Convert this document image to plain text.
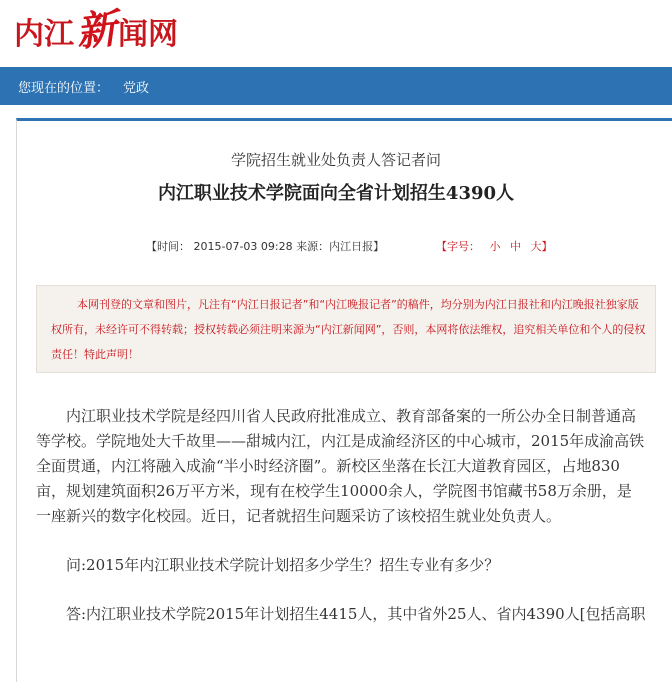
内江 新 闻网
您现在的位置： 党政
学院招生就业处负责人答记者问
内江职业技术学院面向全省计划招生4390人
【时间： 2015-07-03 09:28 来源：内江日报】	【字号： 小 中 大】
本网刊登的文章和图片，凡注有“内江日报记者”和“内江晚报记者”的稿件，均分别为内江日报社和内江晚报社独家版权所有，未经许可不得转载；授权转载必须注明来源为“内江新闻网”，否则，本网将依法维权，追究相关单位和个人的侵权责任！特此声明！

内江职业技术学院是经四川省人民政府批准成立、教育部备案的一所公办全日制普通高等学校。学院地处大千故里——甜城内江，内江是成渝经济区的中心城市，2015年成渝高铁全面贯通，内江将融入成渝“半小时经济圈”。新校区坐落在长江大道教育园区，占地830亩，规划建筑面积26万平方米，现有在校学生10000余人，学院图书馆藏书58万余册，是一座新兴的数字化校园。近日，记者就招生问题采访了该校招生就业处负责人。

问:2015年内江职业技术学院计划招多少学生？招生专业有多少？

答:内江职业技术学院2015年计划招生4415人，其中省外25人、省内4390人[包括高职
